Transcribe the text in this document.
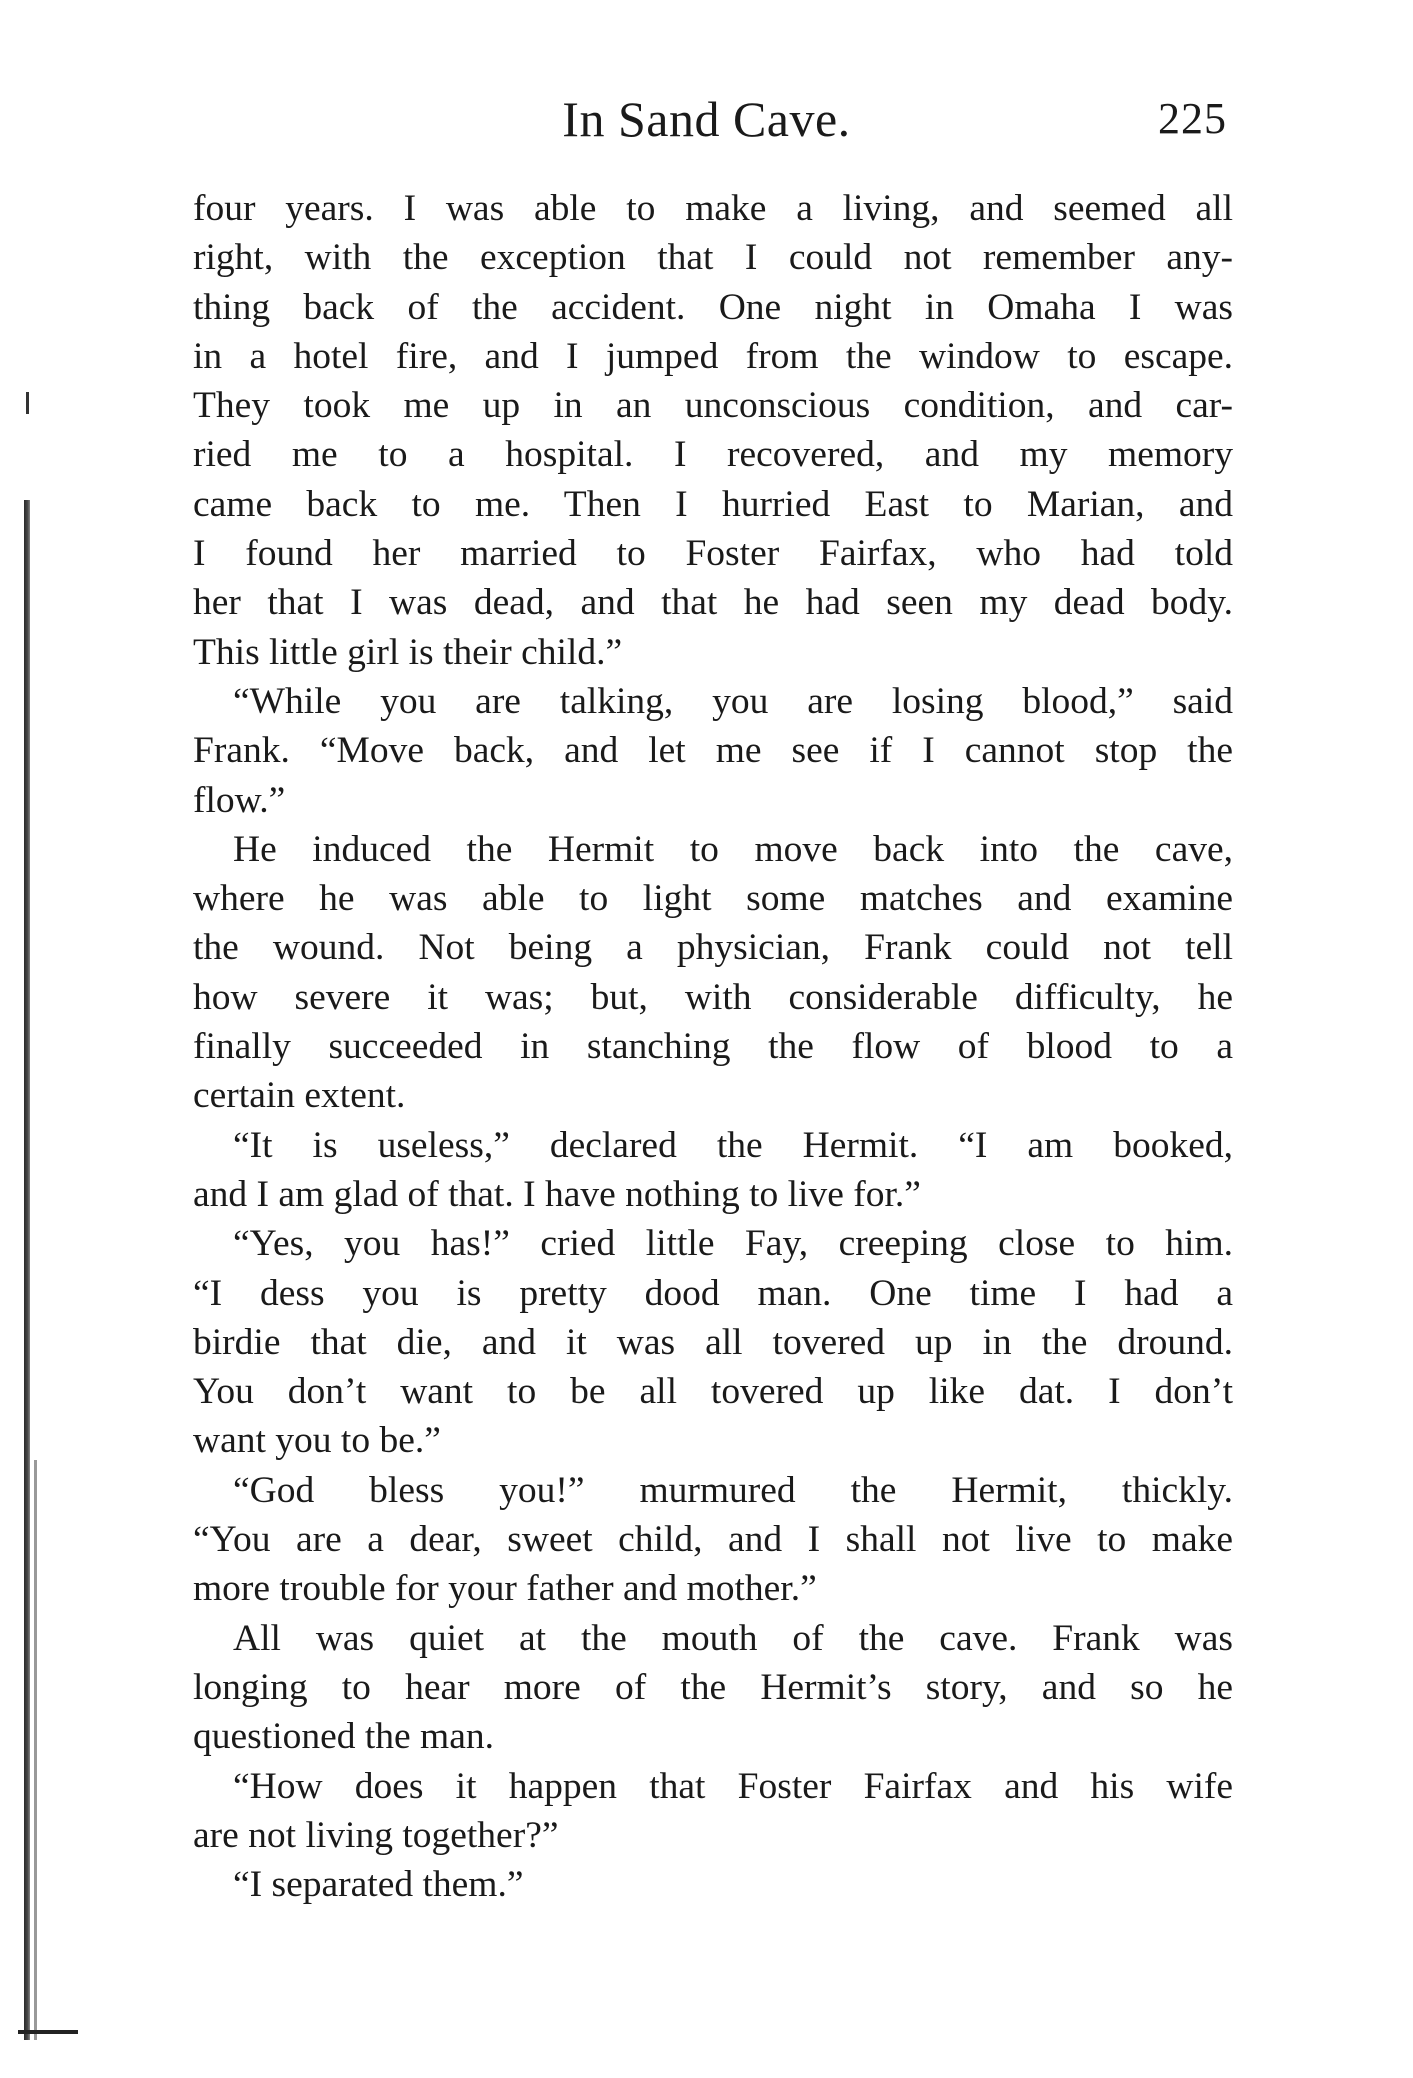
In Sand Cave.	225
four years. I was able to make a living, and seemed all
right, with the exception that I could not remember any-
thing back of the accident. One night in Omaha I was
in a hotel fire, and I jumped from the window to escape.
They took me up in an unconscious condition, and car-
ried me to a hospital. I recovered, and my memory
came back to me. Then I hurried East to Marian, and
I found her married to Foster Fairfax, who had told
her that I was dead, and that he had seen my dead body.
This little girl is their child.”
“While you are talking, you are losing blood,” said
Frank. “Move back, and let me see if I cannot stop the
flow.”
He induced the Hermit to move back into the cave,
where he was able to light some matches and examine
the wound. Not being a physician, Frank could not tell
how severe it was; but, with considerable difficulty, he
finally succeeded in stanching the flow of blood to a
certain extent.
“It is useless,” declared the Hermit. “I am booked,
and I am glad of that. I have nothing to live for.”
“Yes, you has!” cried little Fay, creeping close to him.
“I dess you is pretty dood man. One time I had a
birdie that die, and it was all tovered up in the dround.
You don’t want to be all tovered up like dat. I don’t
want you to be.”
“God bless you!” murmured the Hermit, thickly.
“You are a dear, sweet child, and I shall not live to make
more trouble for your father and mother.”
All was quiet at the mouth of the cave. Frank was
longing to hear more of the Hermit’s story, and so he
questioned the man.
“How does it happen that Foster Fairfax and his wife
are not living together?”
“I separated them.”
